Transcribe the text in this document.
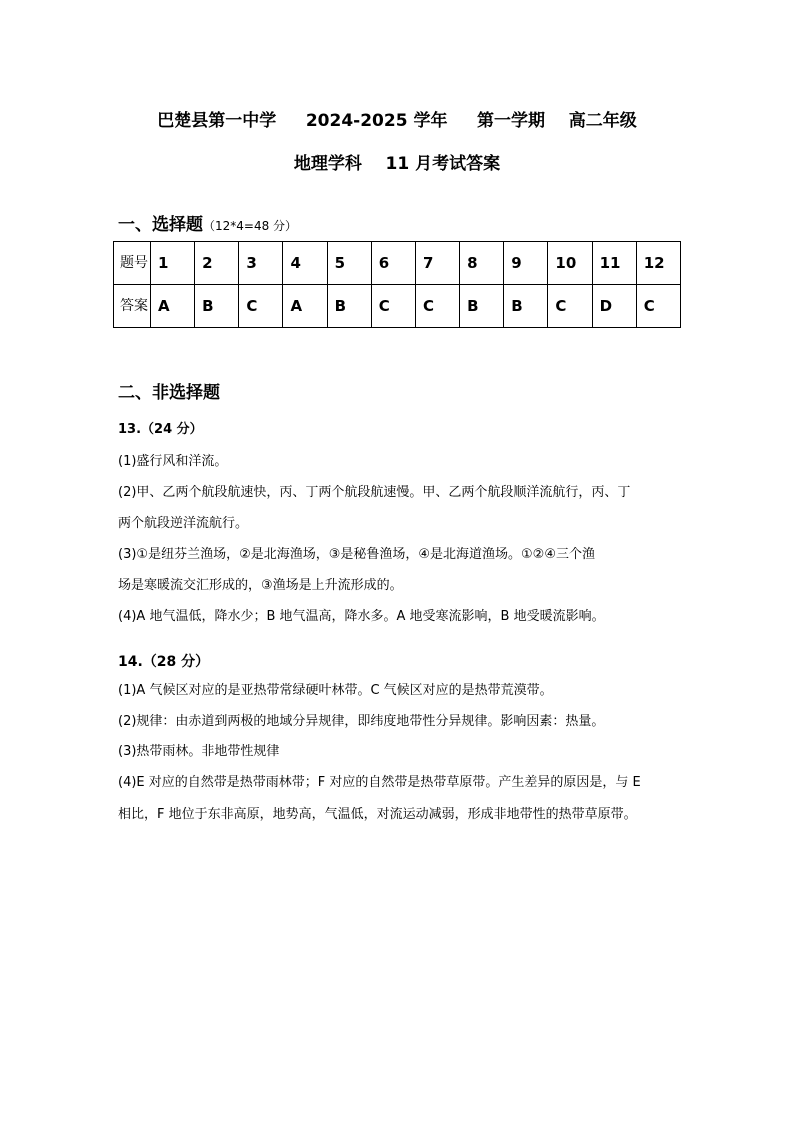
巴楚县第一中学     2024-2025 学年     第一学期    高二年级
地理学科    11 月考试答案
一、选择题（12*4=48 分）
题号	1	2	3	4	5	6	7	8	9	10	11	12
答案	A	B	C	A	B	C	C	B	B	C	D	C
二、非选择题
13.（24 分）
(1)盛行风和洋流。
(2)甲、乙两个航段航速快，丙、丁两个航段航速慢。甲、乙两个航段顺洋流航行，丙、丁
两个航段逆洋流航行。
(3)①是纽芬兰渔场，②是北海渔场，③是秘鲁渔场，④是北海道渔场。①②④三个渔
场是寒暖流交汇形成的，③渔场是上升流形成的。
(4)A 地气温低，降水少；B 地气温高，降水多。A 地受寒流影响，B 地受暖流影响。
14.（28 分）
(1)A 气候区对应的是亚热带常绿硬叶林带。C 气候区对应的是热带荒漠带。
(2)规律：由赤道到两极的地域分异规律，即纬度地带性分异规律。影响因素：热量。
(3)热带雨林。非地带性规律
(4)E 对应的自然带是热带雨林带；F 对应的自然带是热带草原带。产生差异的原因是，与 E
相比，F 地位于东非高原，地势高，气温低，对流运动减弱，形成非地带性的热带草原带。
